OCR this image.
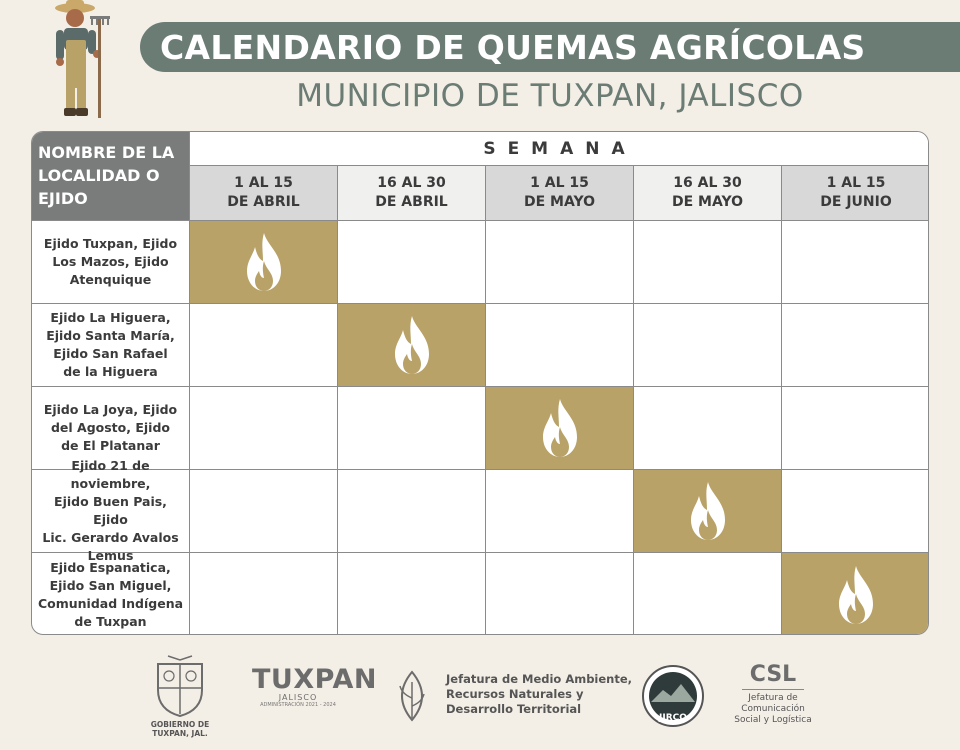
CALENDARIO DE QUEMAS AGRÍCOLAS
MUNICIPIO DE TUXPAN, JALISCO
NOMBRE DE LA LOCALIDAD O EJIDO
SEMANA
1 AL 15
DE ABRIL
16 AL 30
DE ABRIL
1 AL 15
DE MAYO
16 AL 30
DE MAYO
1 AL 15
DE JUNIO
Ejido Tuxpan, Ejido
Los Mazos, Ejido
Atenquique
Ejido La Higuera,
Ejido Santa María,
Ejido San Rafael
de la Higuera
Ejido La Joya, Ejido
del Agosto, Ejido
de El Platanar
Ejido 21 de noviembre,
Ejido Buen Pais, Ejido
Lic. Gerardo Avalos
Lemus
Ejido Espanatica,
Ejido San Miguel,
Comunidad Indígena
de Tuxpan
GOBIERNO DE
TUXPAN, JAL.
TUXPAN
JALISCO
ADMINISTRACIÓN 2021 - 2024
Jefatura de Medio Ambiente,
Recursos Naturales y
Desarrollo Territorial
JIRCO
CSL
Jefatura de
Comunicación
Social y Logística
